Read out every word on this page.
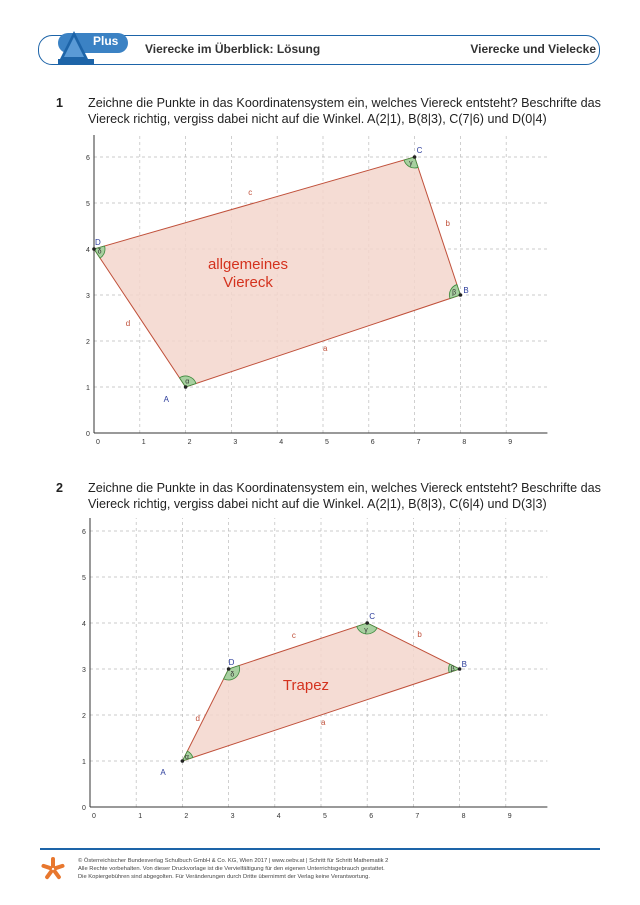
Plus
Vierecke im Überblick: Lösung	Vierecke und Vielecke
1 Zeichne die Punkte in das Koordinatensystem ein, welches Viereck entsteht? Beschrifte das Viereck richtig, vergiss dabei nicht auf die Winkel. A(2|1), B(8|3), C(7|6) und D(0|4)
0	1	2	3	4	5	6	7	8	9
0
1
2
3
4
5
6
α
β
γ
δ
A
B
C
D
a
b
c
d
allgemeines
Viereck
2 Zeichne die Punkte in das Koordinatensystem ein, welches Viereck entsteht? Beschrifte das Viereck richtig, vergiss dabei nicht auf die Winkel. A(2|1), B(8|3), C(6|4) und D(3|3)
0	1	2	3	4	5	6	7	8	9
0
1
2
3
4
5
6
α
β
γ
δ
A
B
C
D
a
b
c
d
Trapez
© Österreichischer Bundesverlag Schulbuch GmbH & Co. KG, Wien 2017 | www.oebv.at | Schritt für Schritt Mathematik 2
Alle Rechte vorbehalten. Von dieser Druckvorlage ist die Vervielfältigung für den eigenen Unterrichtsgebrauch gestattet.
Die Kopiergebühren sind abgegolten. Für Veränderungen durch Dritte übernimmt der Verlag keine Verantwortung.
